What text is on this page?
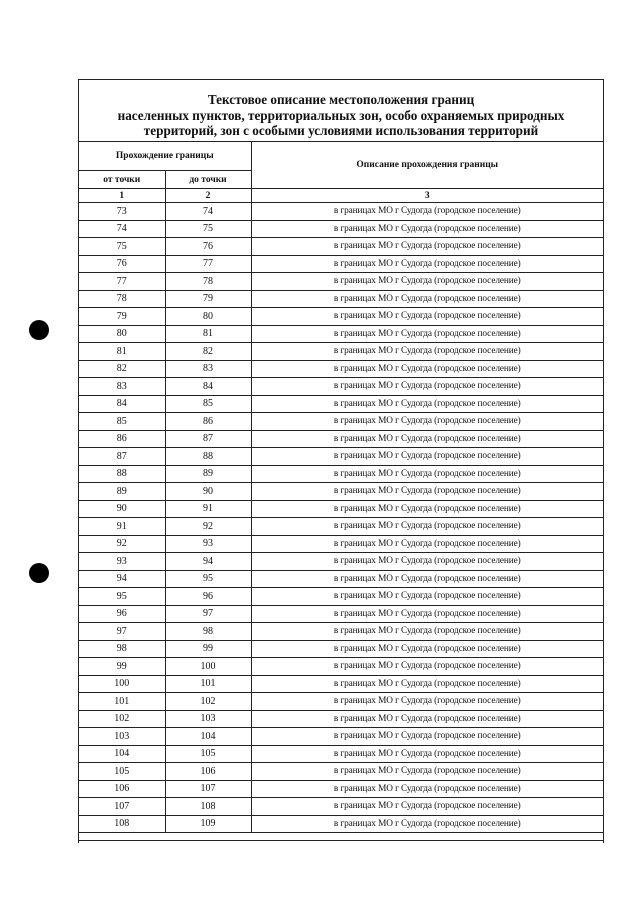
Текстовое описание местоположения границ
населенных пунктов, территориальных зон, особо охраняемых природных
территорий, зон с особыми условиями использования территорий
Прохождение границы		Описание прохождения границы
от точки	до точки	
1	2	3
73	74	в границах МО г Судогда (городское поселение)
74	75	в границах МО г Судогда (городское поселение)
75	76	в границах МО г Судогда (городское поселение)
76	77	в границах МО г Судогда (городское поселение)
77	78	в границах МО г Судогда (городское поселение)
78	79	в границах МО г Судогда (городское поселение)
79	80	в границах МО г Судогда (городское поселение)
80	81	в границах МО г Судогда (городское поселение)
81	82	в границах МО г Судогда (городское поселение)
82	83	в границах МО г Судогда (городское поселение)
83	84	в границах МО г Судогда (городское поселение)
84	85	в границах МО г Судогда (городское поселение)
85	86	в границах МО г Судогда (городское поселение)
86	87	в границах МО г Судогда (городское поселение)
87	88	в границах МО г Судогда (городское поселение)
88	89	в границах МО г Судогда (городское поселение)
89	90	в границах МО г Судогда (городское поселение)
90	91	в границах МО г Судогда (городское поселение)
91	92	в границах МО г Судогда (городское поселение)
92	93	в границах МО г Судогда (городское поселение)
93	94	в границах МО г Судогда (городское поселение)
94	95	в границах МО г Судогда (городское поселение)
95	96	в границах МО г Судогда (городское поселение)
96	97	в границах МО г Судогда (городское поселение)
97	98	в границах МО г Судогда (городское поселение)
98	99	в границах МО г Судогда (городское поселение)
99	100	в границах МО г Судогда (городское поселение)
100	101	в границах МО г Судогда (городское поселение)
101	102	в границах МО г Судогда (городское поселение)
102	103	в границах МО г Судогда (городское поселение)
103	104	в границах МО г Судогда (городское поселение)
104	105	в границах МО г Судогда (городское поселение)
105	106	в границах МО г Судогда (городское поселение)
106	107	в границах МО г Судогда (городское поселение)
107	108	в границах МО г Судогда (городское поселение)
108	109	в границах МО г Судогда (городское поселение)
